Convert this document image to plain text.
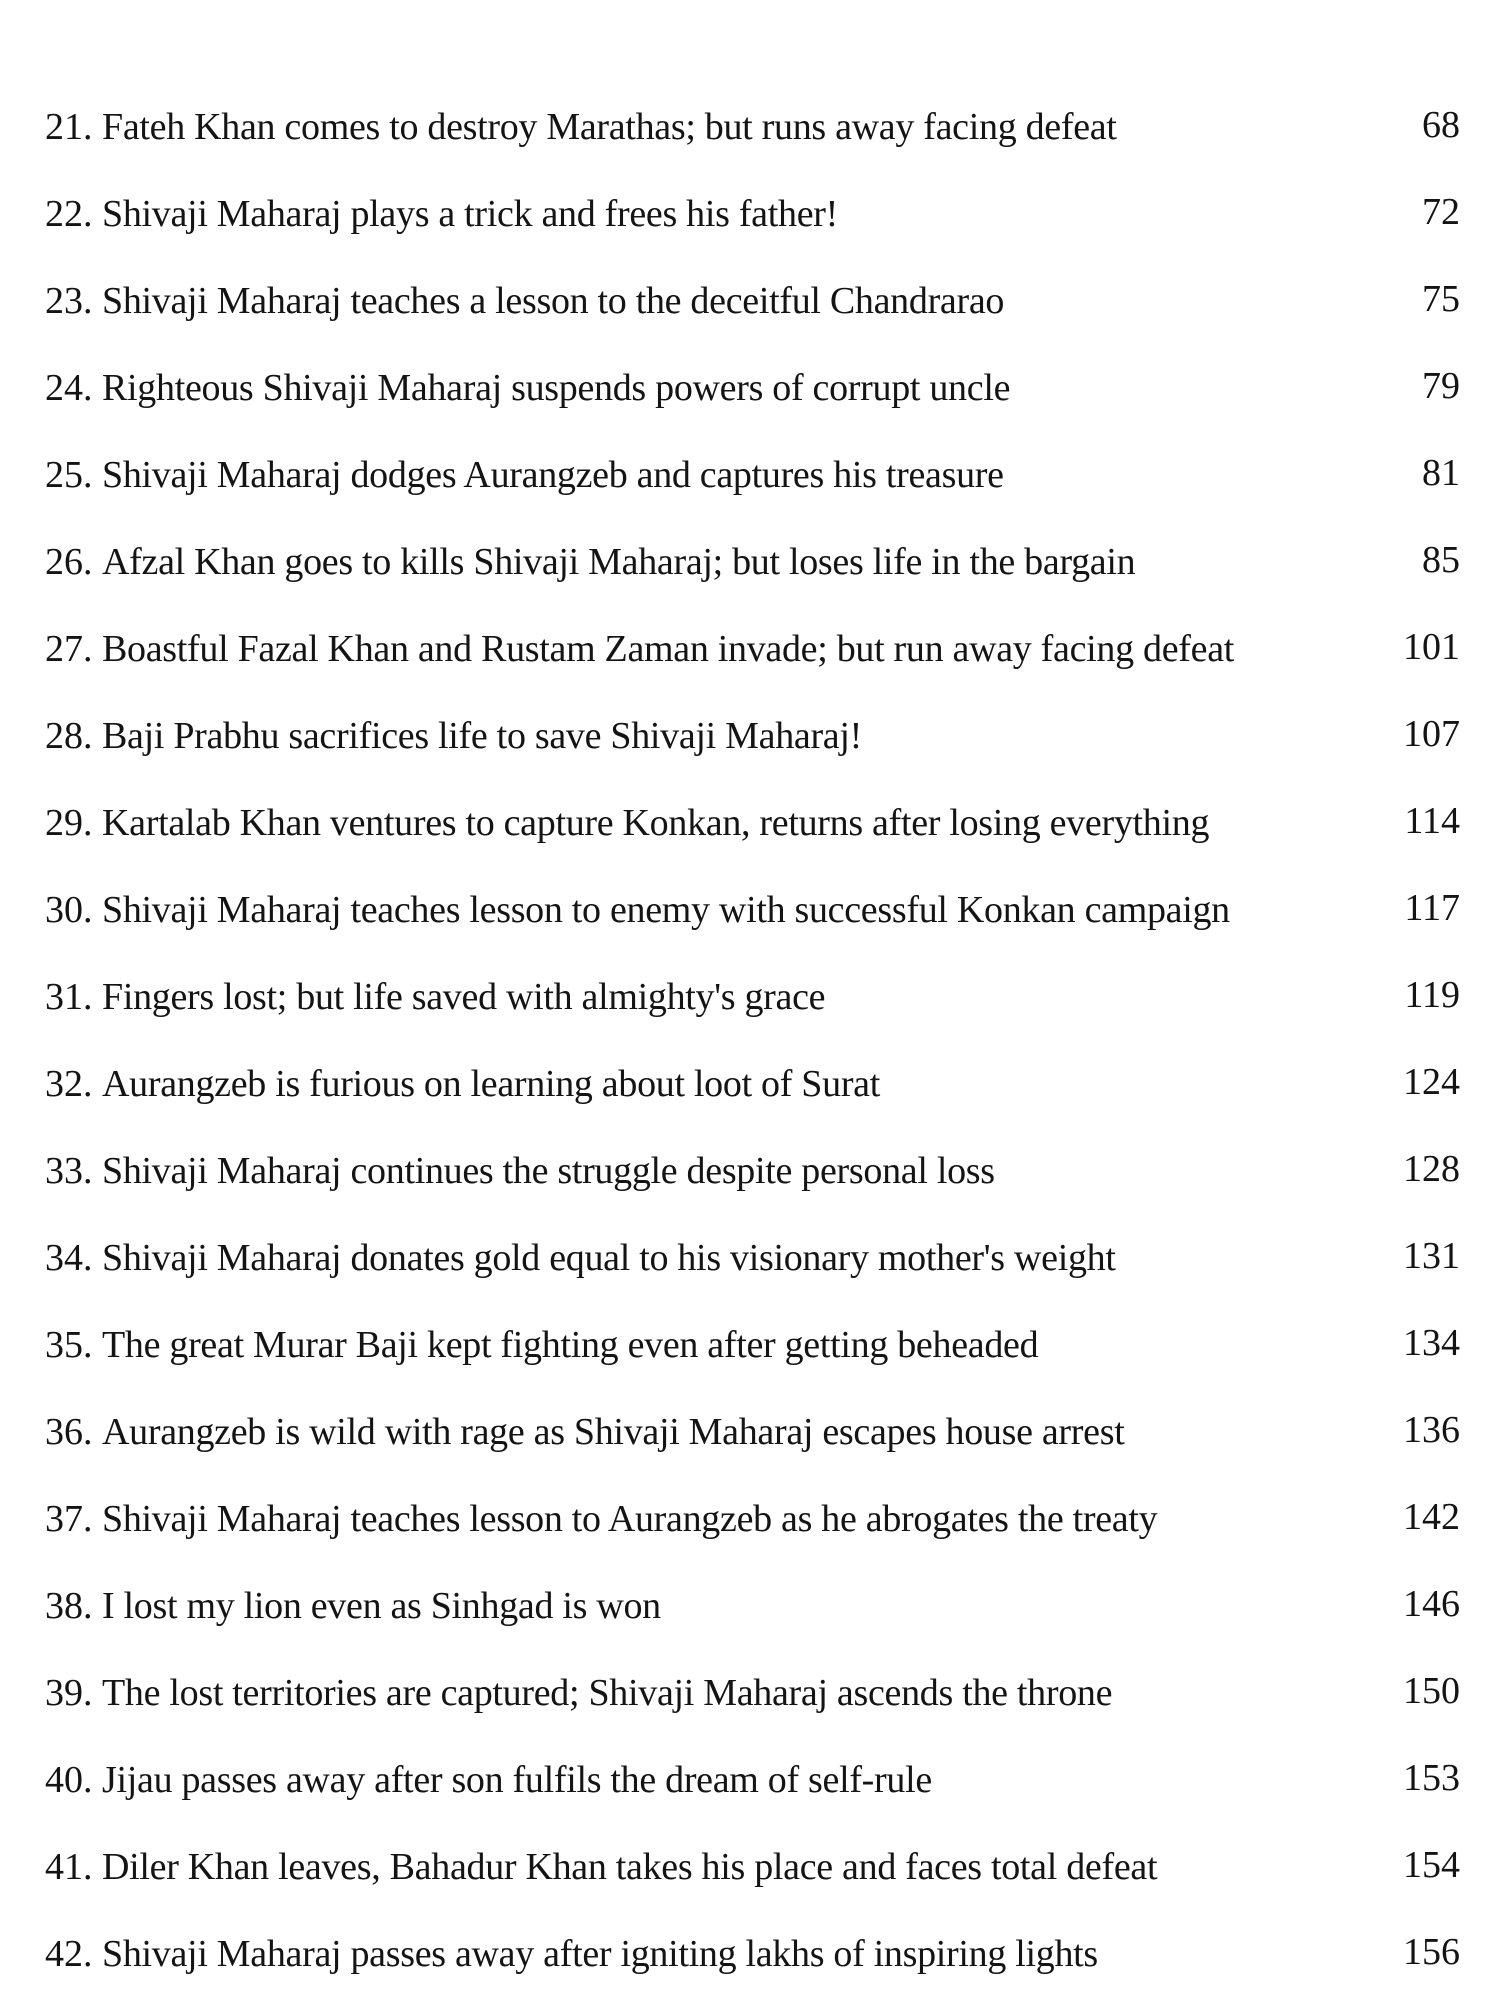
21. Fateh Khan comes to destroy Marathas; but runs away facing defeat	68
22. Shivaji Maharaj plays a trick and frees his father!	72
23. Shivaji Maharaj teaches a lesson to the deceitful Chandrarao	75
24. Righteous Shivaji Maharaj suspends powers of corrupt uncle	79
25. Shivaji Maharaj dodges Aurangzeb and captures his treasure	81
26. Afzal Khan goes to kills Shivaji Maharaj; but loses life in the bargain	85
27. Boastful Fazal Khan and Rustam Zaman invade; but run away facing defeat	101
28. Baji Prabhu sacrifices life to save Shivaji Maharaj!	107
29. Kartalab Khan ventures to capture Konkan, returns after losing everything	114
30. Shivaji Maharaj teaches lesson to enemy with successful Konkan campaign	117
31. Fingers lost; but life saved with almighty's grace	119
32. Aurangzeb is furious on learning about loot of Surat	124
33. Shivaji Maharaj continues the struggle despite personal loss	128
34. Shivaji Maharaj donates gold equal to his visionary mother's weight	131
35. The great Murar Baji kept fighting even after getting beheaded	134
36. Aurangzeb is wild with rage as Shivaji Maharaj escapes house arrest	136
37. Shivaji Maharaj teaches lesson to Aurangzeb as he abrogates the treaty	142
38. I lost my lion even as Sinhgad is won	146
39. The lost territories are captured; Shivaji Maharaj ascends the throne	150
40. Jijau passes away after son fulfils the dream of self-rule	153
41. Diler Khan leaves, Bahadur Khan takes his place and faces total defeat	154
42. Shivaji Maharaj passes away after igniting lakhs of inspiring lights	156
